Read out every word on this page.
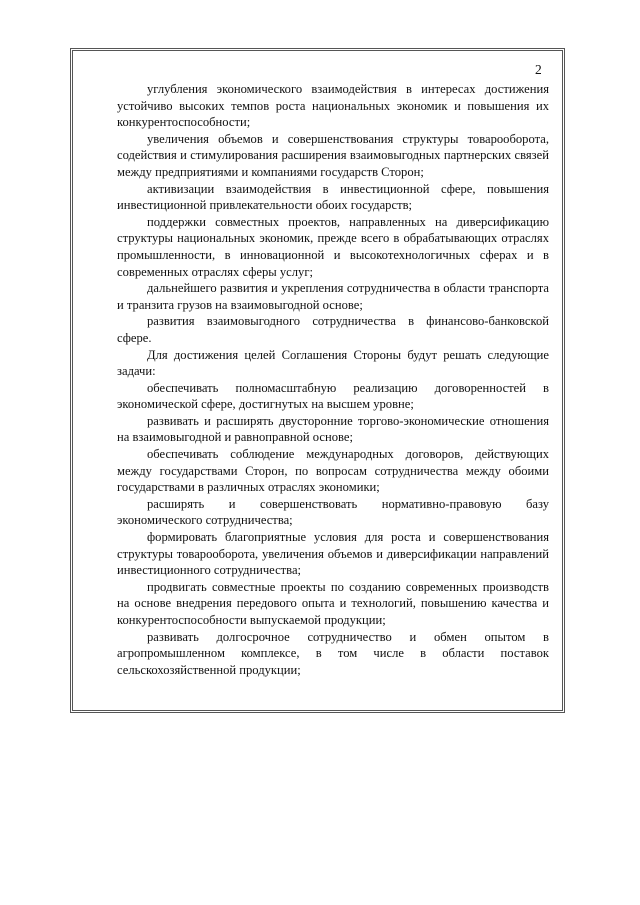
2

углубления экономического взаимодействия в интересах достижения устойчиво высоких темпов роста национальных экономик и повышения их конкурентоспособности;

увеличения объемов и совершенствования структуры товарооборота, содействия и стимулирования расширения взаимовыгодных партнерских связей между предприятиями и компаниями государств Сторон;

активизации взаимодействия в инвестиционной сфере, повышения инвестиционной привлекательности обоих государств;

поддержки совместных проектов, направленных на диверсификацию структуры национальных экономик, прежде всего в обрабатывающих отраслях промышленности, в инновационной и высокотехнологичных сферах и в современных отраслях сферы услуг;

дальнейшего развития и укрепления сотрудничества в области транспорта и транзита грузов на взаимовыгодной основе;

развития взаимовыгодного сотрудничества в финансово-банковской сфере.

Для достижения целей Соглашения Стороны будут решать следующие задачи:

обеспечивать полномасштабную реализацию договоренностей в экономической сфере, достигнутых на высшем уровне;

развивать и расширять двусторонние торгово-экономические отношения на взаимовыгодной и равноправной основе;

обеспечивать соблюдение международных договоров, действующих между государствами Сторон, по вопросам сотрудничества между обоими государствами в различных отраслях экономики;

расширять и совершенствовать нормативно-правовую базу экономического сотрудничества;

формировать благоприятные условия для роста и совершенствования структуры товарооборота, увеличения объемов и диверсификации направлений инвестиционного сотрудничества;

продвигать совместные проекты по созданию современных производств на основе внедрения передового опыта и технологий, повышению качества и конкурентоспособности выпускаемой продукции;

развивать долгосрочное сотрудничество и обмен опытом в агропромышленном комплексе, в том числе в области поставок сельскохозяйственной продукции;
